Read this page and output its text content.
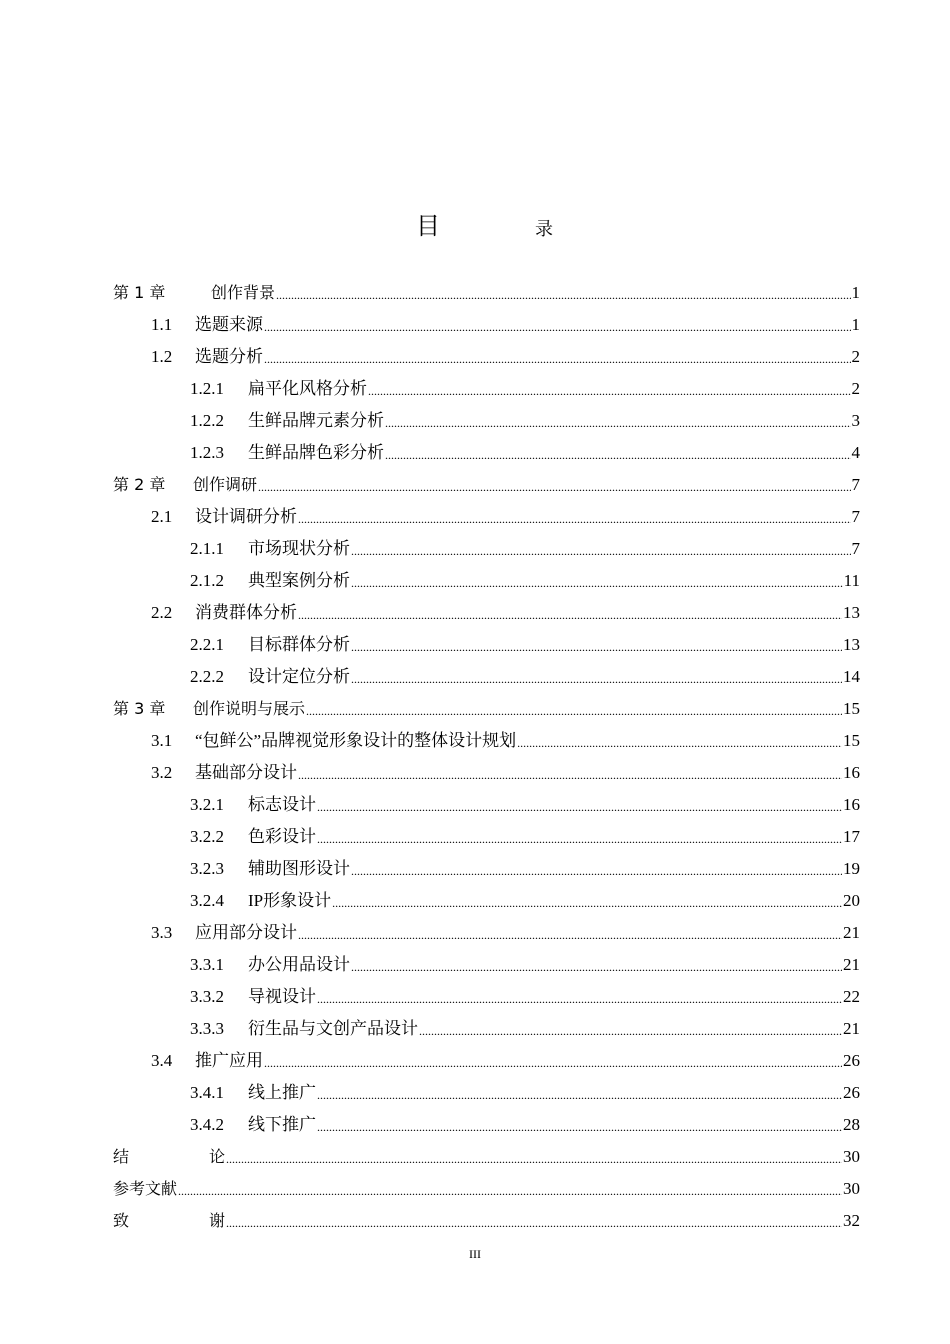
目	录
第 1 章	创作背景 .....	1
1.1 选题来源 .....	1
1.2 选题分析 .....	2
1.2.1 扁平化风格分析 .....	2
1.2.2 生鲜品牌元素分析 .....	3
1.2.3 生鲜品牌色彩分析 .....	4
第 2 章 创作调研 .....	7
2.1 设计调研分析 .....	7
2.1.1 市场现状分析 .....	7
2.1.2 典型案例分析 .....	11
2.2 消费群体分析 .....	13
2.2.1 目标群体分析 .....	13
2.2.2 设计定位分析 .....	14
第 3 章 创作说明与展示 .....	15
3.1 “包鲜公”品牌视觉形象设计的整体设计规划 .....	15
3.2 基础部分设计 .....	16
3.2.1 标志设计 .....	16
3.2.2 色彩设计 .....	17
3.2.3 辅助图形设计 .....	19
3.2.4 IP形象设计 .....	20
3.3 应用部分设计 .....	21
3.3.1 办公用品设计 .....	21
3.3.2 导视设计 .....	22
3.3.3 衍生品与文创产品设计 .....	21
3.4 推广应用 .....	26
3.4.1 线上推广 .....	26
3.4.2 线下推广 .....	28
结	论 .....	30
参考文献 .....	30
致	谢 .....	32
III
